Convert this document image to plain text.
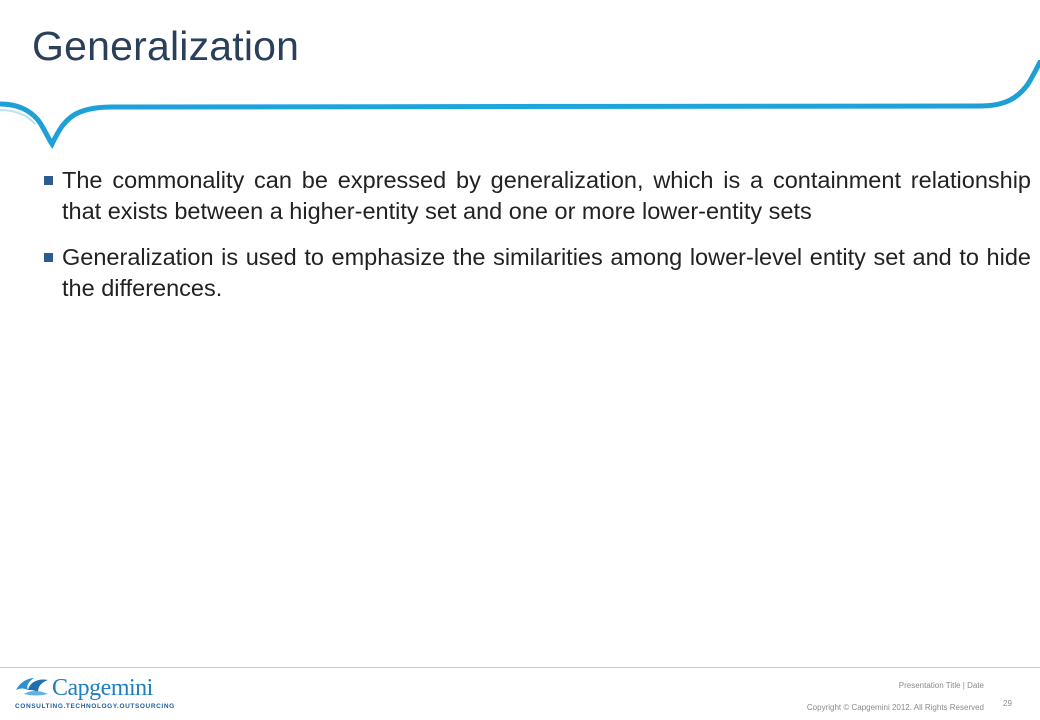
Generalization
The commonality can be expressed by generalization, which is a containment relationship that exists between a higher-entity set and one or more lower-entity sets
Generalization is used to emphasize the similarities among lower-level entity set and to hide the differences.
Capgemini
CONSULTING.TECHNOLOGY.OUTSOURCING
Presentation Title | Date
Copyright © Capgemini 2012. All Rights Reserved 29
